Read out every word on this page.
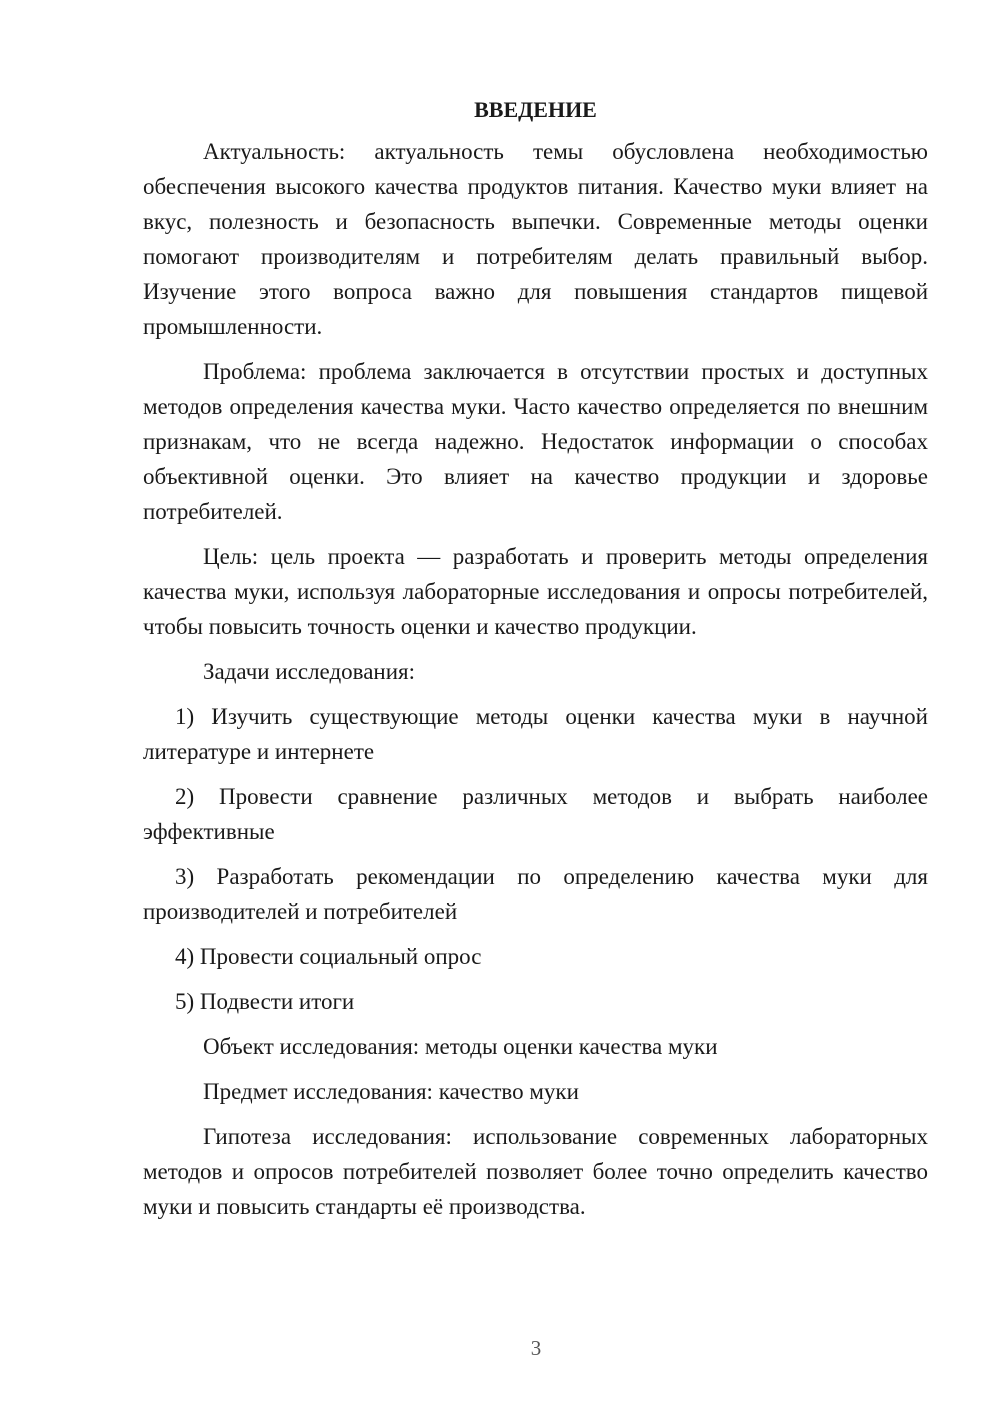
ВВЕДЕНИЕ

Актуальность: актуальность темы обусловлена необходимостью обеспечения высокого качества продуктов питания. Качество муки влияет на вкус, полезность и безопасность выпечки. Современные методы оценки помогают производителям и потребителям делать правильный выбор. Изучение этого вопроса важно для повышения стандартов пищевой промышленности.

Проблема: проблема заключается в отсутствии простых и доступных методов определения качества муки. Часто качество определяется по внешним признакам, что не всегда надежно. Недостаток информации о способах объективной оценки. Это влияет на качество продукции и здоровье потребителей.

Цель: цель проекта — разработать и проверить методы определения качества муки, используя лабораторные исследования и опросы потребителей, чтобы повысить точность оценки и качество продукции.

Задачи исследования:

1) Изучить существующие методы оценки качества муки в научной литературе и интернете

2) Провести сравнение различных методов и выбрать наиболее эффективные

3) Разработать рекомендации по определению качества муки для производителей и потребителей

4) Провести социальный опрос

5) Подвести итоги

Объект исследования: методы оценки качества муки

Предмет исследования: качество муки

Гипотеза исследования: использование современных лабораторных методов и опросов потребителей позволяет более точно определить качество муки и повысить стандарты её производства.

3
